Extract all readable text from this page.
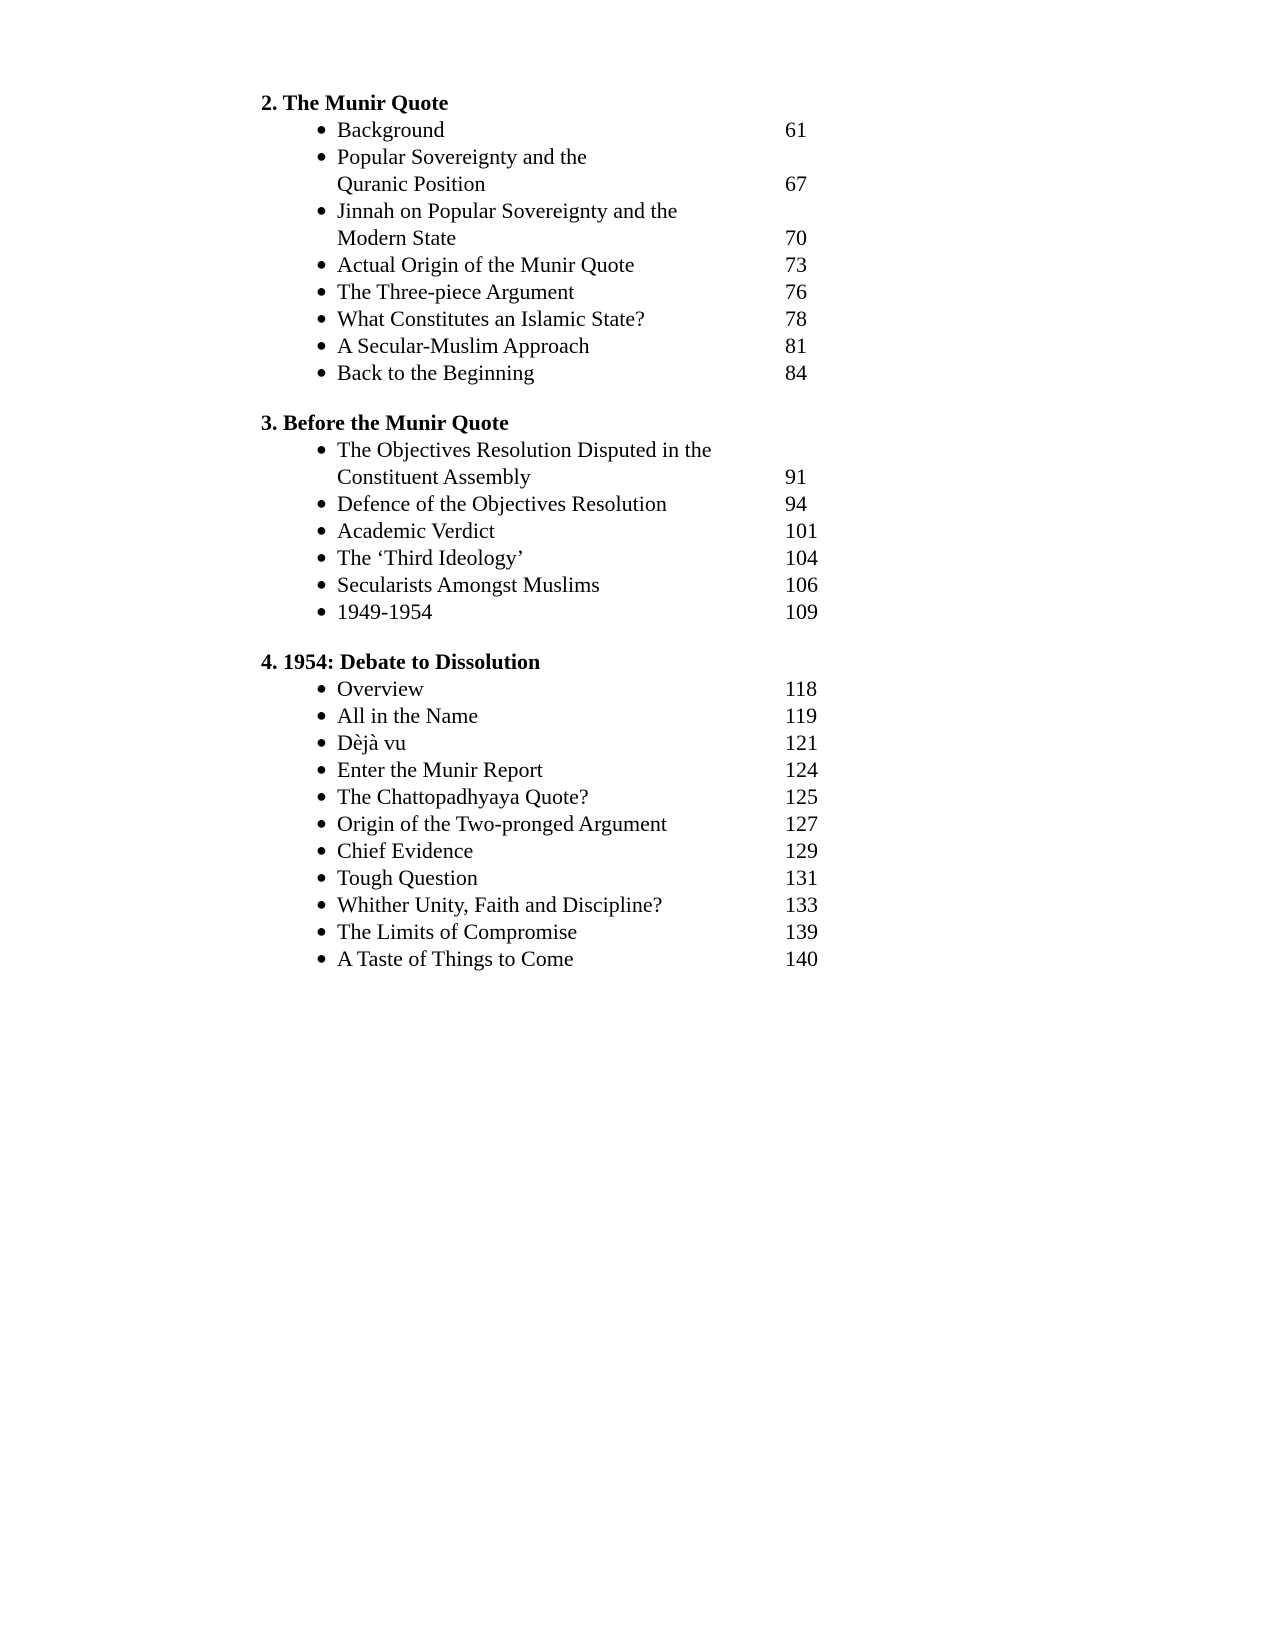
2. The Munir Quote
● Background	61
● Popular Sovereignty and the
Quranic Position	67
● Jinnah on Popular Sovereignty and the
Modern State	70
● Actual Origin of the Munir Quote	73
● The Three-piece Argument	76
● What Constitutes an Islamic State?	78
● A Secular-Muslim Approach	81
● Back to the Beginning	84
3. Before the Munir Quote
● The Objectives Resolution Disputed in the
Constituent Assembly	91
● Defence of the Objectives Resolution	94
● Academic Verdict	101
● The ‘Third Ideology’	104
● Secularists Amongst Muslims	106
● 1949-1954	109
4. 1954: Debate to Dissolution
● Overview	118
● All in the Name	119
● Dèjà vu	121
● Enter the Munir Report	124
● The Chattopadhyaya Quote?	125
● Origin of the Two-pronged Argument	127
● Chief Evidence	129
● Tough Question	131
● Whither Unity, Faith and Discipline?	133
● The Limits of Compromise	139
● A Taste of Things to Come	140
